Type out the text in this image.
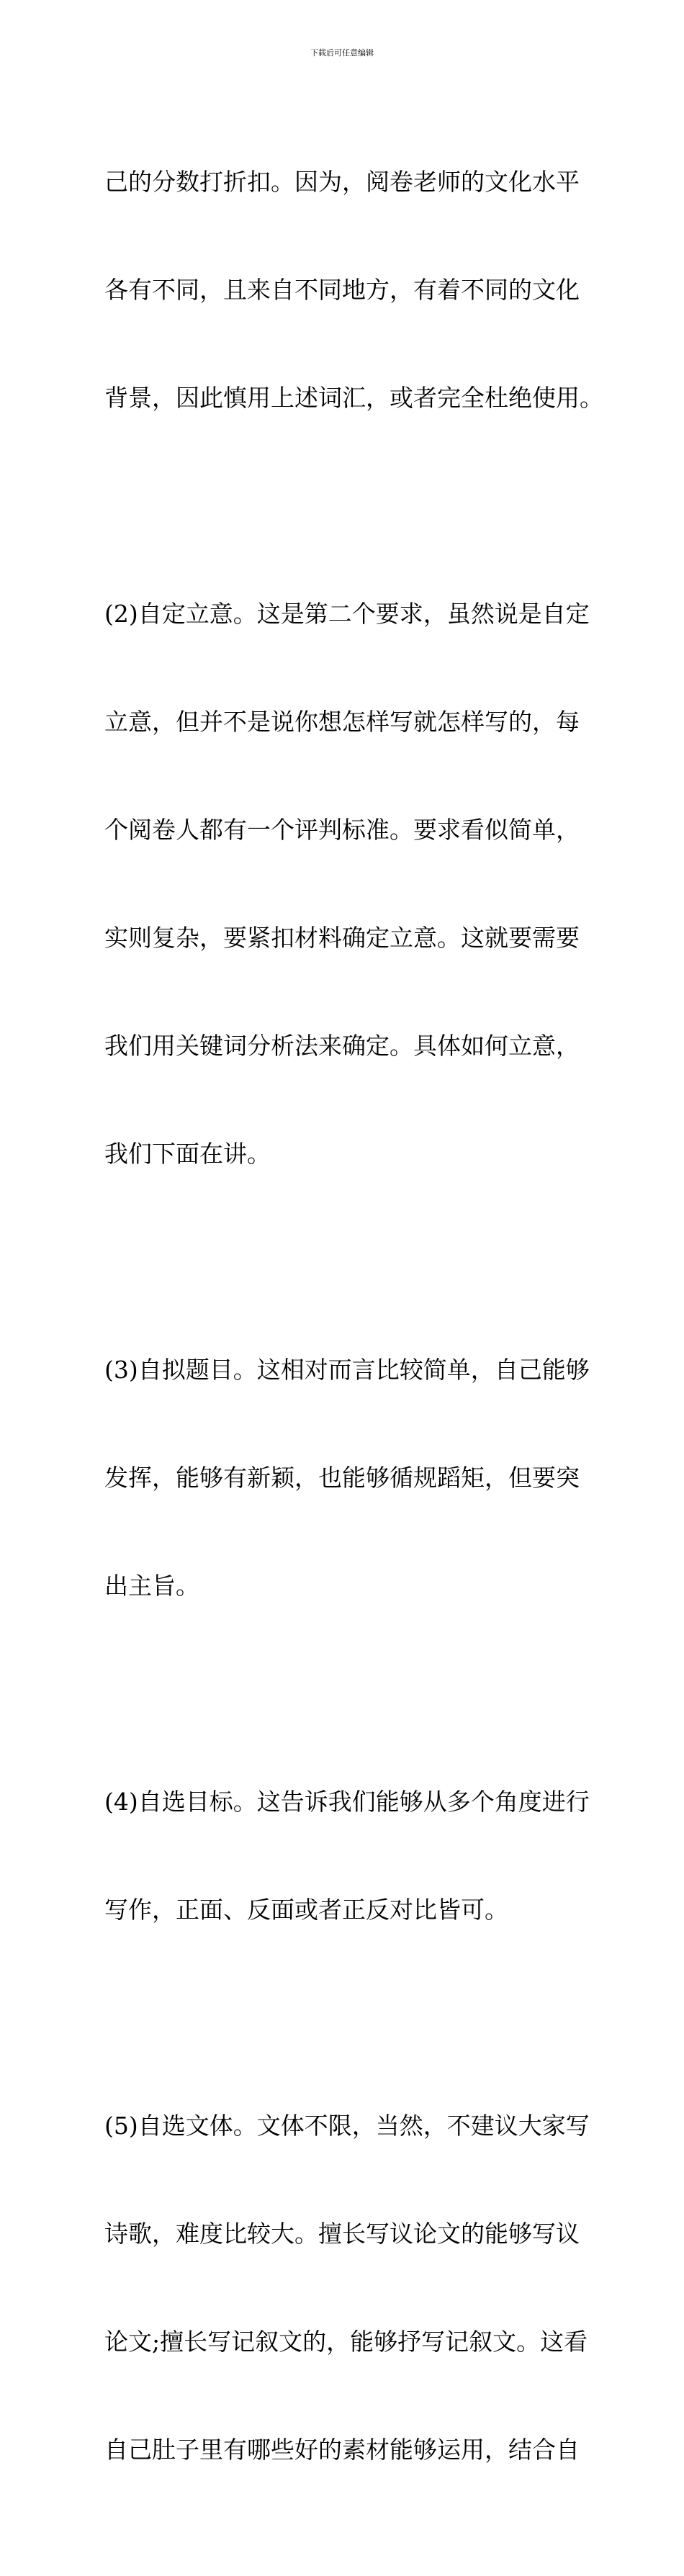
下载后可任意编辑

己的分数打折扣。因为，阅卷老师的文化水平

各有不同，且来自不同地方，有着不同的文化

背景，因此慎用上述词汇，或者完全杜绝使用。

(2)自定立意。这是第二个要求，虽然说是自定

立意，但并不是说你想怎样写就怎样写的，每

个阅卷人都有一个评判标准。要求看似简单，

实则复杂，要紧扣材料确定立意。这就要需要

我们用关键词分析法来确定。具体如何立意，

我们下面在讲。

(3)自拟题目。这相对而言比较简单，自己能够

发挥，能够有新颖，也能够循规蹈矩，但要突

出主旨。

(4)自选目标。这告诉我们能够从多个角度进行

写作，正面、反面或者正反对比皆可。

(5)自选文体。文体不限，当然，不建议大家写

诗歌，难度比较大。擅长写议论文的能够写议

论文;擅长写记叙文的，能够抒写记叙文。这看

自己肚子里有哪些好的素材能够运用，结合自
